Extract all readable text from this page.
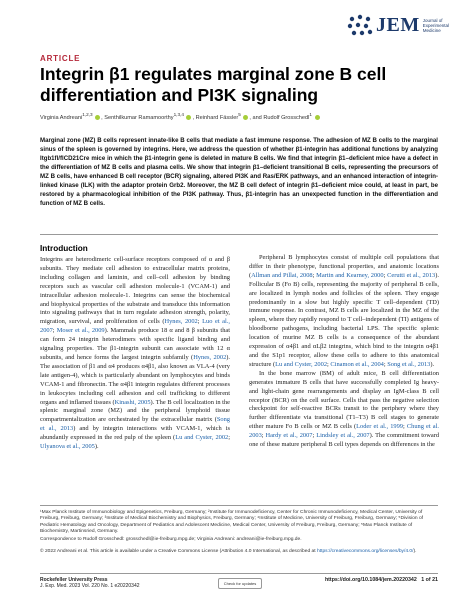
JEM Journal of Experimental Medicine
ARTICLE
Integrin β1 regulates marginal zone B cell differentiation and PI3K signaling
Virginia Andreani$^{1,2,3}$ , Senthilkumar Ramamoorthy$^{1,3,4}$ , Reinhard Fässler$^5$ , and Rudolf Grosschedl$^1$
Marginal zone (MZ) B cells represent innate-like B cells that mediate a fast immune response. The adhesion of MZ B cells to the marginal sinus of the spleen is governed by integrins. Here, we address the question of whether β1-integrin has additional functions by analyzing Itgb1fl/flCD21Cre mice in which the β1-integrin gene is deleted in mature B cells. We find that integrin β1–deficient mice have a defect in the differentiation of MZ B cells and plasma cells. We show that integrin β1–deficient transitional B cells, representing the precursors of MZ B cells, have enhanced B cell receptor (BCR) signaling, altered PI3K and Ras/ERK pathways, and an enhanced interaction of integrin-linked kinase (ILK) with the adaptor protein Grb2. Moreover, the MZ B cell defect of integrin β1–deficient mice could, at least in part, be restored by a pharmacological inhibition of the PI3K pathway. Thus, β1-integrin has an unexpected function in the differentiation and function of MZ B cells.
Introduction

Integrins are heterodimeric cell-surface receptors composed of α and β subunits. They mediate cell adhesion to extracellular matrix proteins, including collagen and laminin, and cell–cell adhesion by binding receptors such as vascular cell adhesion molecule-1 (VCAM-1) and intracellular adhesion molecule-1. Integrins can sense the biochemical and biophysical properties of the substrate and transduce this information into signaling pathways that in turn regulate adhesion strength, polarity, migration, survival, and proliferation of cells (Hynes, 2002; Luo et al., 2007; Moser et al., 2009). Mammals produce 18 α and 8 β subunits that can form 24 integrin heterodimers with specific ligand binding and signaling properties. The β1-integrin subunit can associate with 12 α subunits, and hence forms the largest integrin subfamily (Hynes, 2002). The association of β1 and α4 produces α4β1, also known as VLA-4 (very late antigen-4), which is particularly abundant on lymphocytes and binds VCAM-1 and fibronectin. The α4β1 integrin regulates different processes in leukocytes including cell adhesion and cell trafficking to different organs and inflamed tissues (Kinashi, 2005). The B cell localization in the splenic marginal zone (MZ) and the peripheral lymphoid tissue compartmentalization are orchestrated by the extracellular matrix (Song et al., 2013) and by integrin interactions with VCAM-1, which is abundantly expressed in the red pulp of the spleen (Lu and Cyster, 2002; Ulyanova et al., 2005).

Peripheral B lymphocytes consist of multiple cell populations that differ in their phenotype, functional properties, and anatomic locations (Allman and Pillai, 2008; Martin and Kearney, 2000; Cerutti et al., 2013). Follicular B (Fo B) cells, representing the majority of peripheral B cells, are localized in lymph nodes and follicles of the spleen. They engage predominantly in a slow but highly specific T cell–dependent (TD) immune response. In contrast, MZ B cells are localized in the MZ of the spleen, where they rapidly respond to T cell–independent (TI) antigens of bloodborne pathogens, including bacterial LPS. The specific splenic location of murine MZ B cells is a consequence of the abundant expression of α4β1 and αLβ2 integrins, which bind to the integrin α4β1 and the S1p1 receptor, allow these cells to adhere to this anatomical structure (Lu and Cyster, 2002; Cinamon et al., 2004; Song et al., 2013).

In the bone marrow (BM) of adult mice, B cell differentiation generates immature B cells that have successfully completed Ig heavy- and light-chain gene rearrangements and display an IgM-class B cell receptor (BCR) on the cell surface. Cells that pass the negative selection checkpoint for self-reactive BCRs transit to the periphery where they further differentiate via transitional (T1–T3) B cell stages to generate either mature Fo B cells or MZ B cells (Loder et al., 1999; Chung et al. 2003; Hardy et al., 2007; Lindsley et al., 2007). The commitment toward one of these mature peripheral B cell types depends on differences in the

¹Max Planck Institute of Immunobiology and Epigenetics, Freiburg, Germany; ²Institute for Immunodeficiency, Center for Chronic Immunodeficiency, Medical Center, University of Freiburg, Freiburg, Germany; ³Institute of Medical Biochemistry and Biophysics, Freiburg, Germany; ⁴Institute of Medicine, University of Freiburg, Freiburg, Germany; ⁵Division of Pediatric Hematology and Oncology, Department of Pediatrics and Adolescent Medicine, Medical Center, University of Freiburg, Freiburg, Germany; ⁵Max Planck Institute of Biochemistry, Martinsried, Germany.
Correspondence to Rudolf Grosschedl: grosschedl@ie-freiburg.mpg.de; Virginia Andreani: andreani@ie-freiburg.mpg.de.
© 2022 Andreani et al. This article is available under a Creative Commons License (Attribution 4.0 International, as described at https://creativecommons.org/licenses/by/4.0/).
Rockefeller University Press
J. Exp. Med. 2023 Vol. 220 No. 1 e20220342	Check for updates
https://doi.org/10.1084/jem.20220342 1 of 21
